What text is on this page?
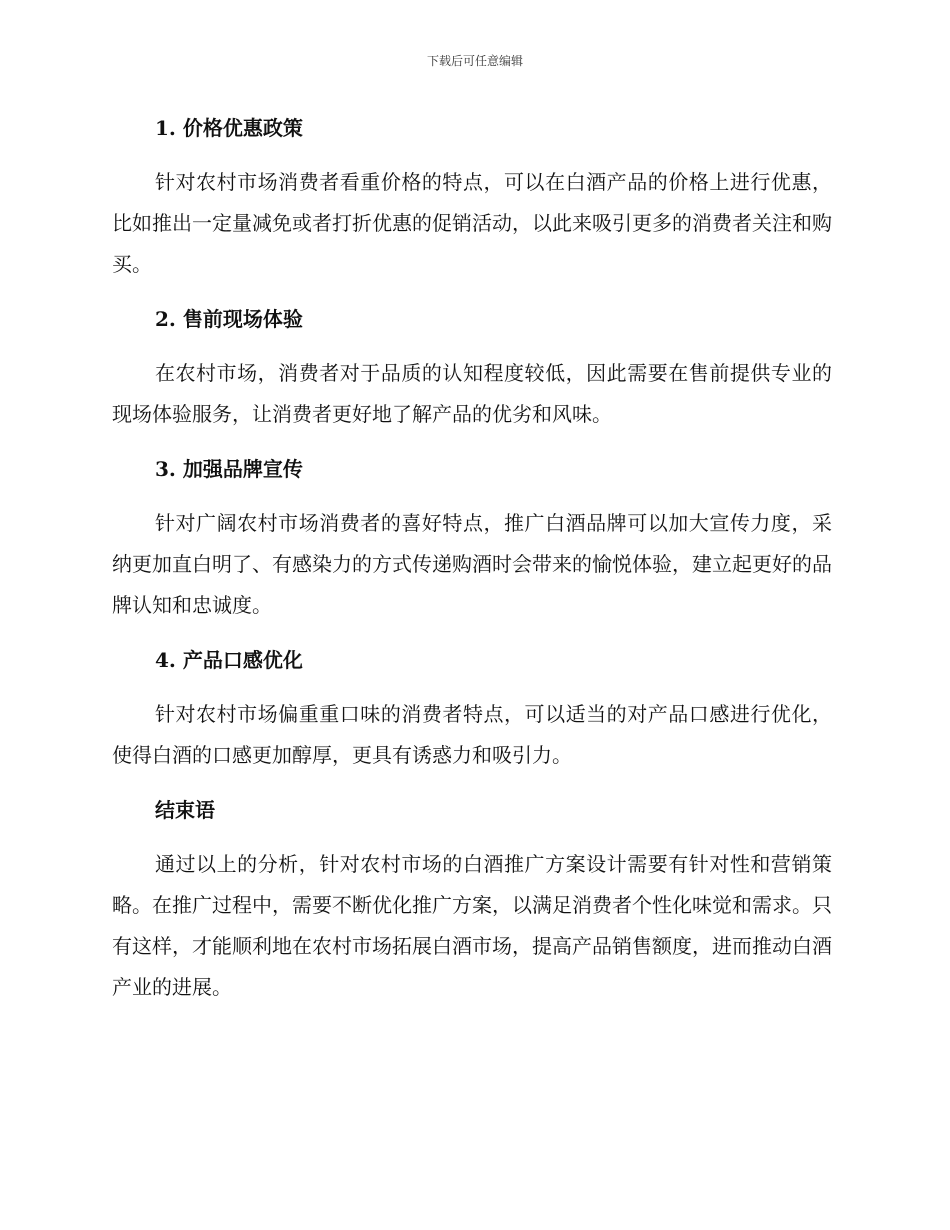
下载后可任意编辑
1. 价格优惠政策

针对农村市场消费者看重价格的特点，可以在白酒产品的价格上进行优惠，比如推出一定量减免或者打折优惠的促销活动，以此来吸引更多的消费者关注和购买。

2. 售前现场体验

在农村市场，消费者对于品质的认知程度较低，因此需要在售前提供专业的现场体验服务，让消费者更好地了解产品的优劣和风味。

3. 加强品牌宣传

针对广阔农村市场消费者的喜好特点，推广白酒品牌可以加大宣传力度，采纳更加直白明了、有感染力的方式传递购酒时会带来的愉悦体验，建立起更好的品牌认知和忠诚度。

4. 产品口感优化

针对农村市场偏重重口味的消费者特点，可以适当的对产品口感进行优化，使得白酒的口感更加醇厚，更具有诱惑力和吸引力。

结束语

通过以上的分析，针对农村市场的白酒推广方案设计需要有针对性和营销策略。在推广过程中，需要不断优化推广方案，以满足消费者个性化味觉和需求。只有这样，才能顺利地在农村市场拓展白酒市场，提高产品销售额度，进而推动白酒产业的进展。
